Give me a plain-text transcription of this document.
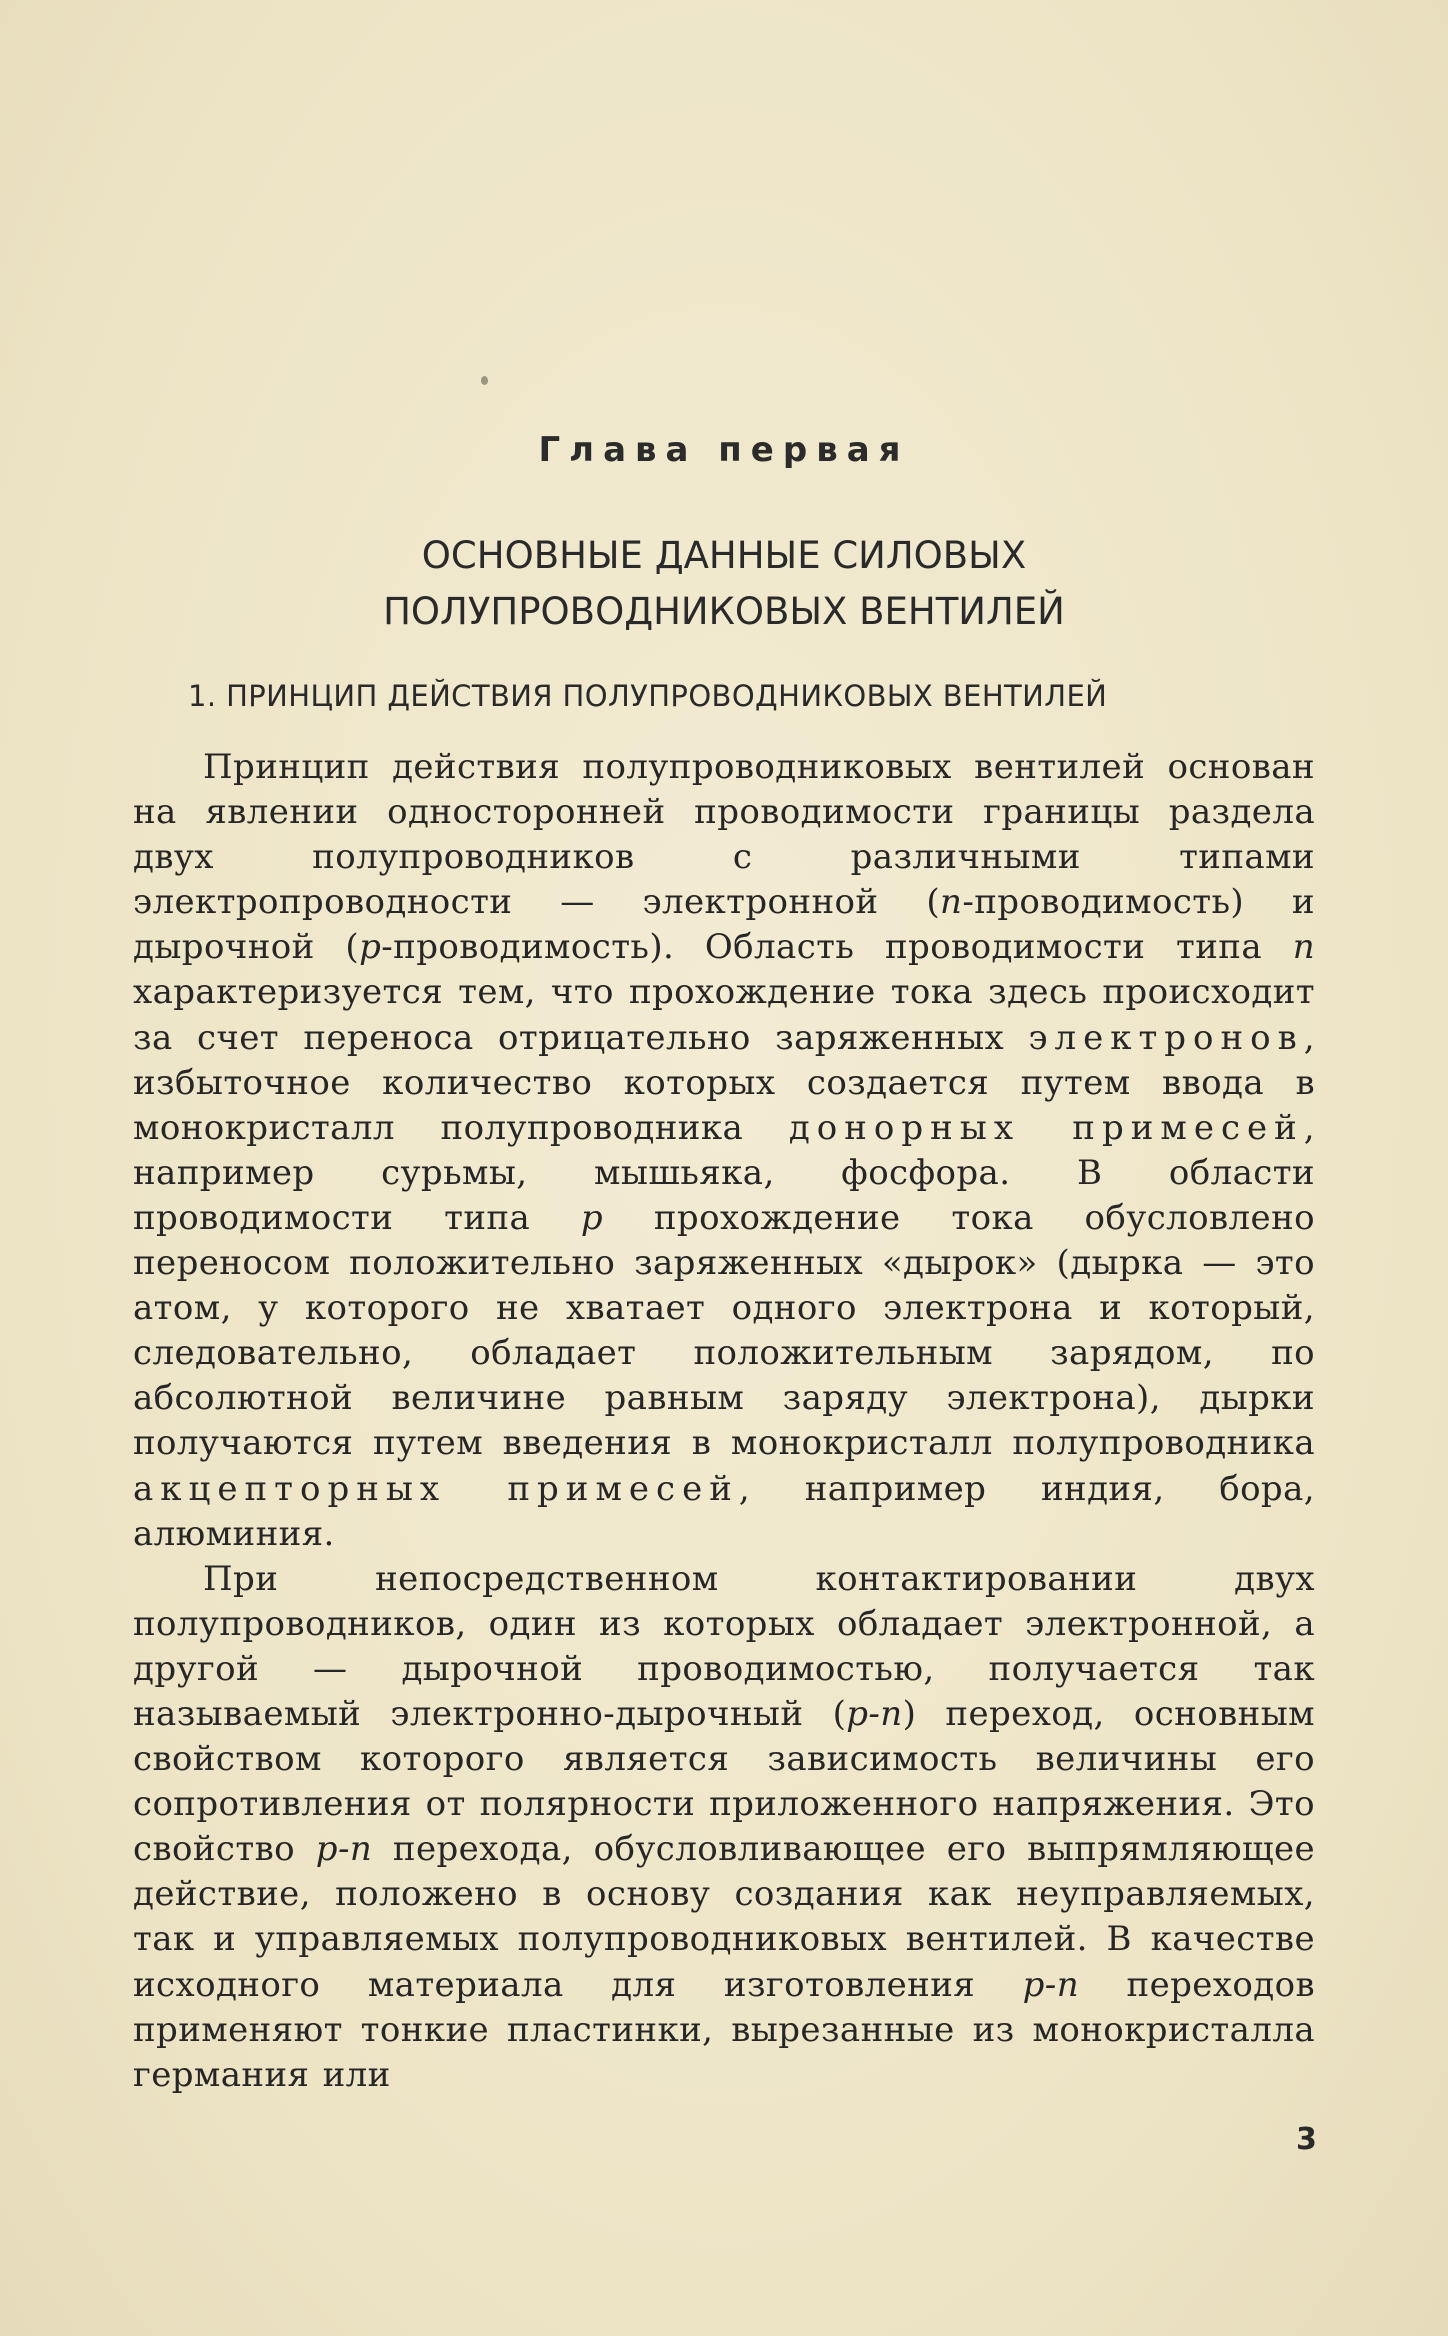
Глава первая
ОСНОВНЫЕ ДАННЫЕ СИЛОВЫХ
ПОЛУПРОВОДНИКОВЫХ ВЕНТИЛЕЙ
1. ПРИНЦИП ДЕЙСТВИЯ ПОЛУПРОВОДНИКОВЫХ ВЕНТИЛЕЙ

Принцип действия полупроводниковых вентилей основан на явлении односторонней проводимости границы раздела двух полупроводников с различными типами электропроводности — электронной (n-проводимость) и дырочной (p-проводимость). Область проводимости типа n характеризуется тем, что прохождение тока здесь происходит за счет переноса отрицательно заряженных электронов, избыточное количество которых создается путем ввода в монокристалл полупроводника донорных примесей, например сурьмы, мышьяка, фосфора. В области проводимости типа p прохождение тока обусловлено переносом положительно заряженных «дырок» (дырка — это атом, у которого не хватает одного электрона и который, следовательно, обладает положительным зарядом, по абсолютной величине равным заряду электрона), дырки получаются путем введения в монокристалл полупроводника акцепторных примесей, например индия, бора, алюминия.

При непосредственном контактировании двух полупроводников, один из которых обладает электронной, а другой — дырочной проводимостью, получается так называемый электронно-дырочный (p-n) переход, основным свойством которого является зависимость величины его сопротивления от полярности приложенного напряжения. Это свойство p-n перехода, обусловливающее его выпрямляющее действие, положено в основу создания как неуправляемых, так и управляемых полупроводниковых вентилей. В качестве исходного материала для изготовления p-n переходов применяют тонкие пластинки, вырезанные из монокристалла германия или

3
